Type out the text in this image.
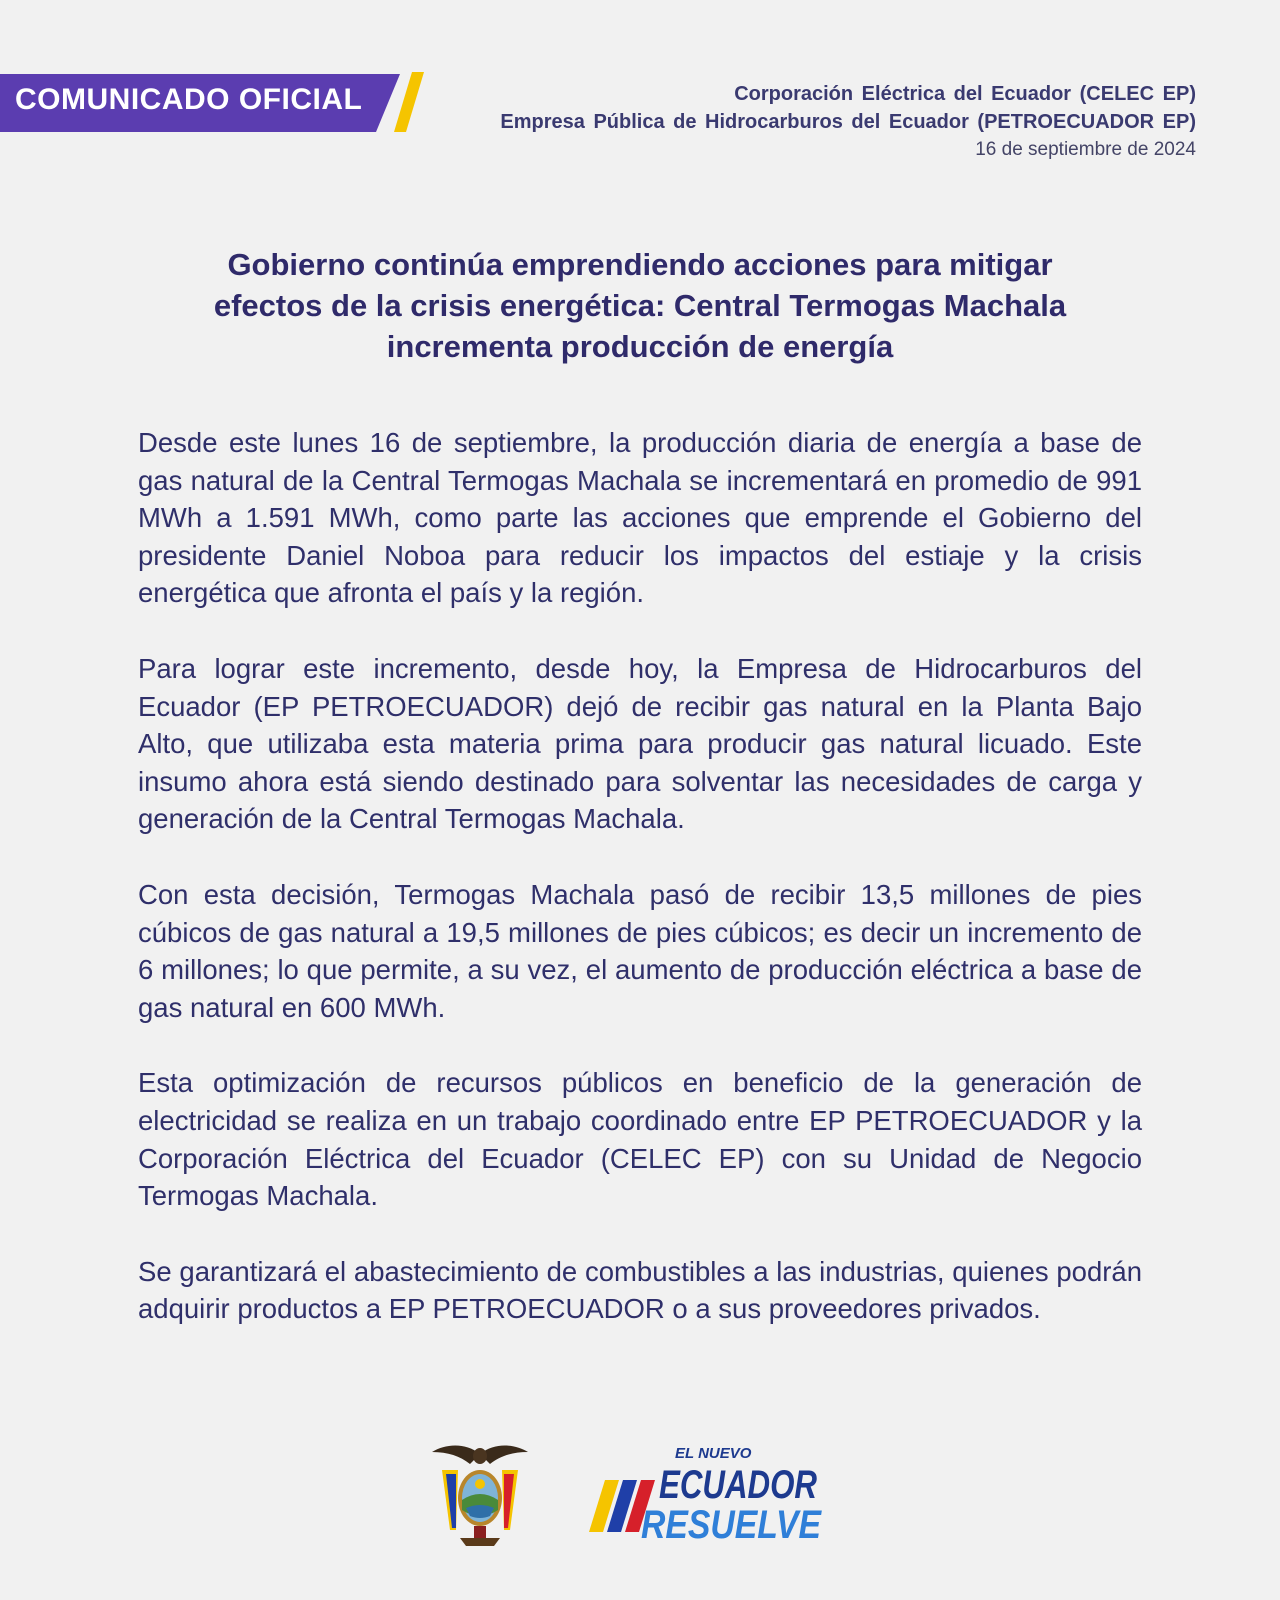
COMUNICADO OFICIAL	Corporación Eléctrica del Ecuador (CELEC EP)
Empresa Pública de Hidrocarburos del Ecuador (PETROECUADOR EP)
16 de septiembre de 2024
Gobierno continúa emprendiendo acciones para mitigar
efectos de la crisis energética: Central Termogas Machala
incrementa producción de energía

Desde este lunes 16 de septiembre, la producción diaria de energía a base de gas natural de la Central Termogas Machala se incrementará en promedio de 991 MWh a 1.591 MWh, como parte las acciones que emprende el Gobierno del presidente Daniel Noboa para reducir los impactos del estiaje y la crisis energética que afronta el país y la región.

Para lograr este incremento, desde hoy, la Empresa de Hidrocarburos del Ecuador (EP PETROECUADOR) dejó de recibir gas natural en la Planta Bajo Alto, que utilizaba esta materia prima para producir gas natural licuado. Este insumo ahora está siendo destinado para solventar las necesidades de carga y generación de la Central Termogas Machala.

Con esta decisión, Termogas Machala pasó de recibir 13,5 millones de pies cúbicos de gas natural a 19,5 millones de pies cúbicos; es decir un incremento de 6 millones; lo que permite, a su vez, el aumento de producción eléctrica a base de gas natural en 600 MWh.

Esta optimización de recursos públicos en beneficio de la generación de electricidad se realiza en un trabajo coordinado entre EP PETROECUADOR y la Corporación Eléctrica del Ecuador (CELEC EP) con su Unidad de Negocio Termogas Machala.

Se garantizará el abastecimiento de combustibles a las industrias, quienes podrán adquirir productos a EP PETROECUADOR o a sus proveedores privados.

EL NUEVO
ECUADOR
RESUELVE
